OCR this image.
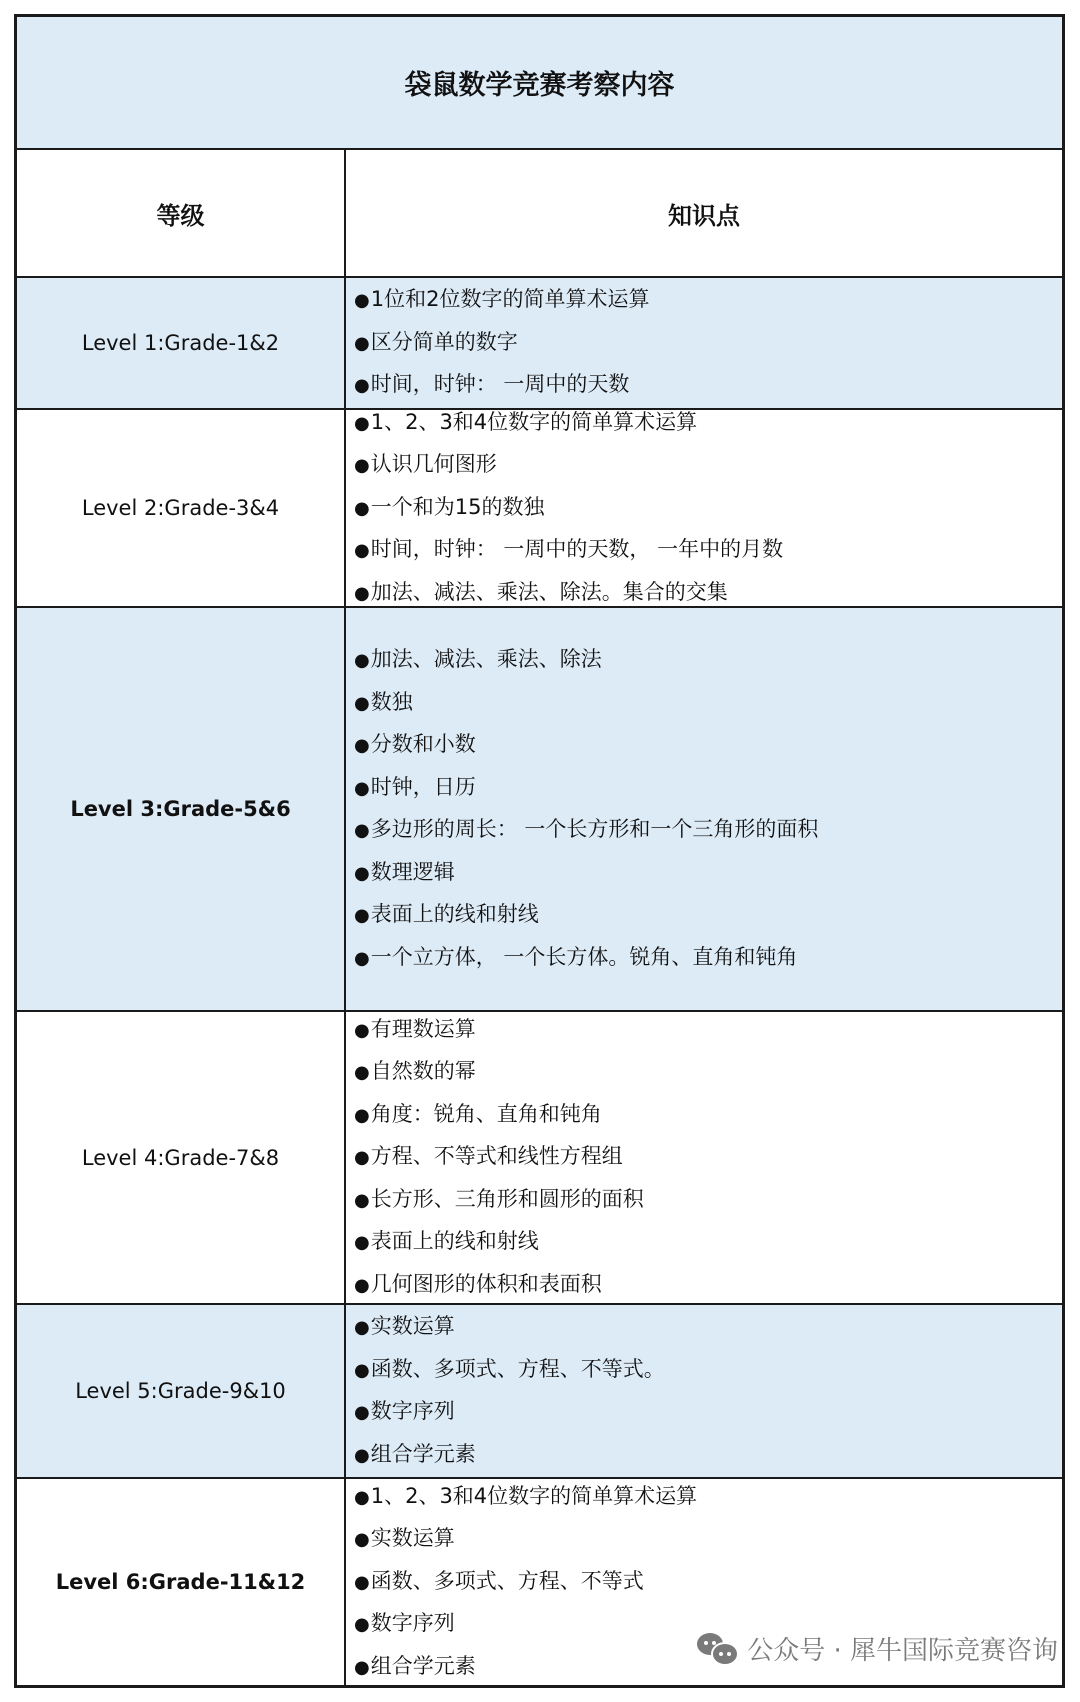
袋鼠数学竞赛考察内容
等级	知识点
Level 1:Grade-1&2
● 1位和2位数字的简单算术运算
● 区分简单的数字
● 时间，时钟： 一周中的天数
Level 2:Grade-3&4
● 1、2、3和4位数字的简单算术运算
● 认识几何图形
● 一个和为15的数独
● 时间，时钟： 一周中的天数， 一年中的月数
● 加法、减法、乘法、除法。集合的交集
Level 3:Grade-5&6
● 加法、减法、乘法、除法
● 数独
● 分数和小数
● 时钟，日历
● 多边形的周长： 一个长方形和一个三角形的面积
● 数理逻辑
● 表面上的线和射线
● 一个立方体， 一个长方体。锐角、直角和钝角
Level 4:Grade-7&8
● 有理数运算
● 自然数的幂
● 角度：锐角、直角和钝角
● 方程、不等式和线性方程组
● 长方形、三角形和圆形的面积
● 表面上的线和射线
● 几何图形的体积和表面积
Level 5:Grade-9&10
● 实数运算
● 函数、多项式、方程、不等式。
● 数字序列
● 组合学元素
Level 6:Grade-11&12
● 1、2、3和4位数字的简单算术运算
● 实数运算
● 函数、多项式、方程、不等式
● 数字序列
● 组合学元素	公众号 · 犀牛国际竞赛咨询
